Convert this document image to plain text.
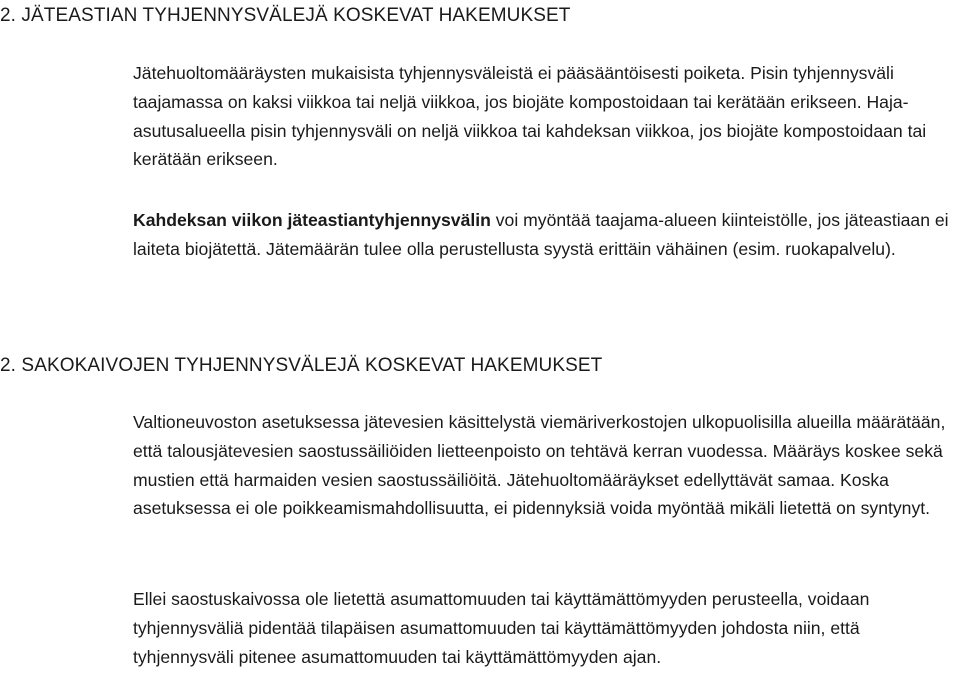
2. JÄTEASTIAN TYHJENNYSVÄLEJÄ KOSKEVAT HAKEMUKSET

Jätehuoltomääräysten mukaisista tyhjennysväleistä ei pääsääntöisesti poiketa. Pisin tyhjennysväli taajamassa on kaksi viikkoa tai neljä viikkoa, jos biojäte kompostoidaan tai kerätään erikseen. Haja-asutusalueella pisin tyhjennysväli on neljä viikkoa tai kahdeksan viikkoa, jos biojäte kompostoidaan tai kerätään erikseen.

Kahdeksan viikon jäteastiantyhjennysvälin voi myöntää taajama-alueen kiinteistölle, jos jäteastiaan ei laiteta biojätettä. Jätemäärän tulee olla perustellusta syystä erittäin vähäinen (esim. ruokapalvelu).

2. SAKOKAIVOJEN TYHJENNYSVÄLEJÄ KOSKEVAT HAKEMUKSET

Valtioneuvoston asetuksessa jätevesien käsittelystä viemäriverkostojen ulkopuolisilla alueilla määrätään, että talousjätevesien saostussäiliöiden lietteenpoisto on tehtävä kerran vuodessa. Määräys koskee sekä mustien että harmaiden vesien saostussäiliöitä. Jätehuoltomääräykset edellyttävät samaa. Koska asetuksessa ei ole poikkeamismahdollisuutta, ei pidennyksiä voida myöntää mikäli lietettä on syntynyt.

Ellei saostuskaivossa ole lietettä asumattomuuden tai käyttämättömyyden perusteella, voidaan tyhjennysväliä pidentää tilapäisen asumattomuuden tai käyttämättömyyden johdosta niin, että tyhjennysväli pitenee asumattomuuden tai käyttämättömyyden ajan.
